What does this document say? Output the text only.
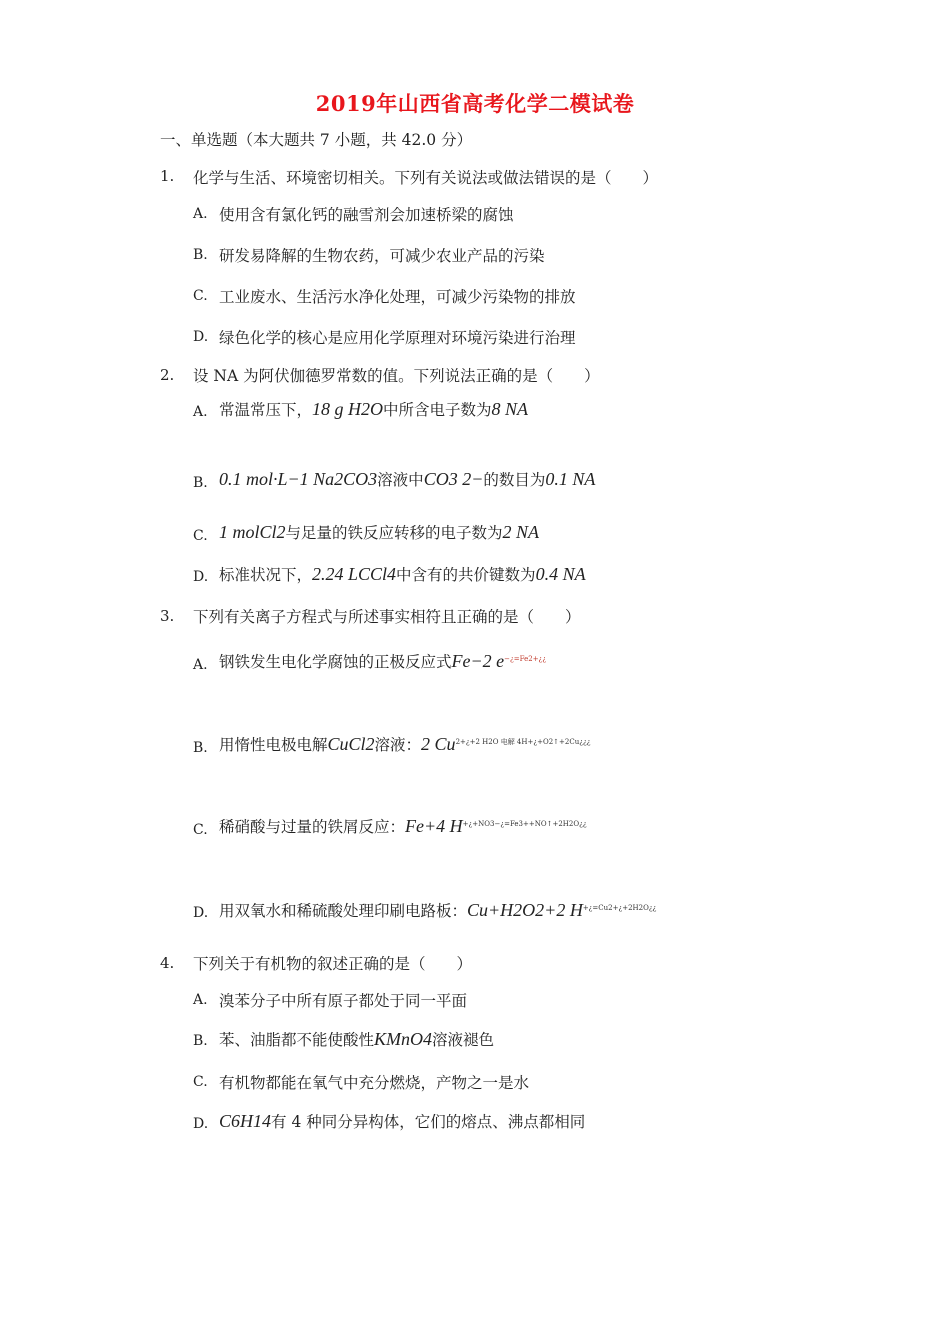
2019年山西省高考化学二模试卷
一、单选题（本大题共 7 小题，共 42.0 分）
1. 化学与生活、环境密切相关。下列有关说法或做法错误的是（　　）
A. 使用含有氯化钙的融雪剂会加速桥梁的腐蚀
B. 研发易降解的生物农药，可减少农业产品的污染
C. 工业废水、生活污水净化处理，可减少污染物的排放
D. 绿色化学的核心是应用化学原理对环境污染进行治理
2. 设 NA 为阿伏伽德罗常数的值。下列说法正确的是（　　）
A. 常温常压下，18 g H2O中所含电子数为8 NA
B. 0.1 mol·L−1 Na2CO3溶液中CO3 2−的数目为0.1 NA
C. 1 molCl2与足量的铁反应转移的电子数为2 NA
D. 标准状况下，2.24 LCCl4中含有的共价键数为0.4 NA
3. 下列有关离子方程式与所述事实相符且正确的是（　　）
A. 钢铁发生电化学腐蚀的正极反应式Fe−2 $e^{-¿=Fe2+¿¿}$
B. 用惰性电极电解CuCl2溶液：2 $Cu^{2+¿+2 H2O 电解 4H+¿+O2↑+2Cu¿¿¿}$
C. 稀硝酸与过量的铁屑反应：Fe+4 $H^{+¿+NO3-¿=Fe3++NO↑+2H2O¿¿}$
D. 用双氧水和稀硫酸处理印刷电路板：Cu+H2O2+2 $H^{+¿=Cu2+¿+2H2O¿¿}$
4. 下列关于有机物的叙述正确的是（　　）
A. 溴苯分子中所有原子都处于同一平面
B. 苯、油脂都不能使酸性KMnO4溶液褪色
C. 有机物都能在氧气中充分燃烧，产物之一是水
D. C6H14有 4 种同分异构体，它们的熔点、沸点都相同
